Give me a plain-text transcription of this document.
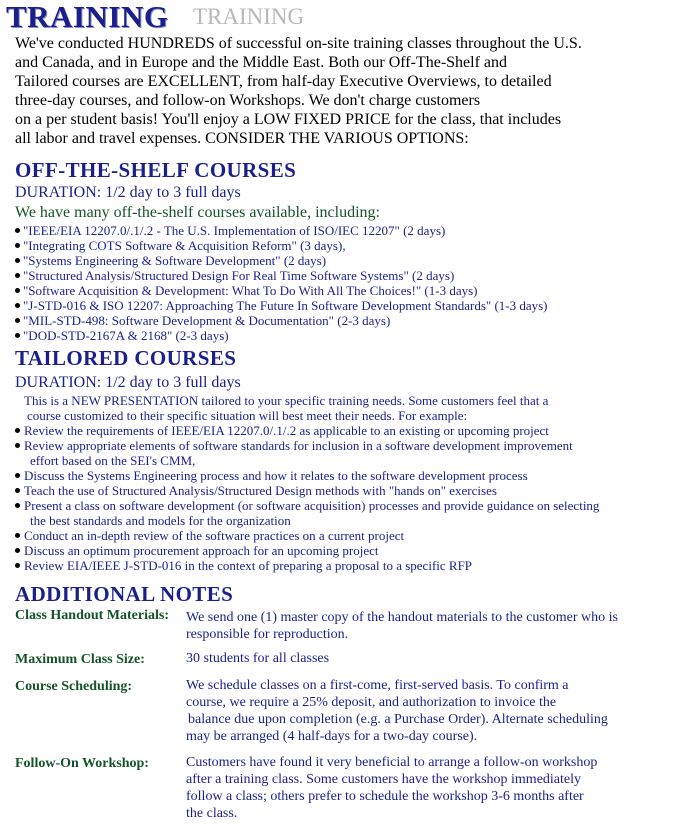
TRAINING TRAINING

We've conducted HUNDREDS of successful on-site training classes throughout the U.S.
and Canada, and in Europe and the Middle East. Both our Off-The-Shelf and
Tailored courses are EXCELLENT, from half-day Executive Overviews, to detailed
three-day courses, and follow-on Workshops. We don't charge customers
on a per student basis! You'll enjoy a LOW FIXED PRICE for the class, that includes
all labor and travel expenses. CONSIDER THE VARIOUS OPTIONS:

OFF-THE-SHELF COURSES
DURATION: 1/2 day to 3 full days
We have many off-the-shelf courses available, including:
"IEEE/EIA 12207.0/.1/.2 - The U.S. Implementation of ISO/IEC 12207" (2 days)
"Integrating COTS Software & Acquisition Reform" (3 days),
"Systems Engineering & Software Development" (2 days)
"Structured Analysis/Structured Design For Real Time Software Systems" (2 days)
"Software Acquisition & Development: What To Do With All The Choices!" (1-3 days)
"J-STD-016 & ISO 12207: Approaching The Future In Software Development Standards" (1-3 days)
"MIL-STD-498: Software Development & Documentation" (2-3 days)
"DOD-STD-2167A & 2168" (2-3 days)
TAILORED COURSES
DURATION: 1/2 day to 3 full days
This is a NEW PRESENTATION tailored to your specific training needs. Some customers feel that a
course customized to their specific situation will best meet their needs. For example:
Review the requirements of IEEE/EIA 12207.0/.1/.2 as applicable to an existing or upcoming project
Review appropriate elements of software standards for inclusion in a software development improvement
effort based on the SEI's CMM,
Discuss the Systems Engineering process and how it relates to the software development process
Teach the use of Structured Analysis/Structured Design methods with "hands on" exercises
Present a class on software development (or software acquisition) processes and provide guidance on selecting
the best standards and models for the organization
Conduct an in-depth review of the software practices on a current project
Discuss an optimum procurement approach for an upcoming project
Review EIA/IEEE J-STD-016 in the context of preparing a proposal to a specific RFP
ADDITIONAL NOTES
Class Handout Materials: We send one (1) master copy of the handout materials to the customer who is
responsible for reproduction.
Maximum Class Size:	30 students for all classes
Course Scheduling:	We schedule classes on a first-come, first-served basis. To confirm a
course, we require a 25% deposit, and authorization to invoice the
balance due upon completion (e.g. a Purchase Order). Alternate scheduling
may be arranged (4 half-days for a two-day course).
Follow-On Workshop:	Customers have found it very beneficial to arrange a follow-on workshop
after a training class. Some customers have the workshop immediately
follow a class; others prefer to schedule the workshop 3-6 months after
the class.
